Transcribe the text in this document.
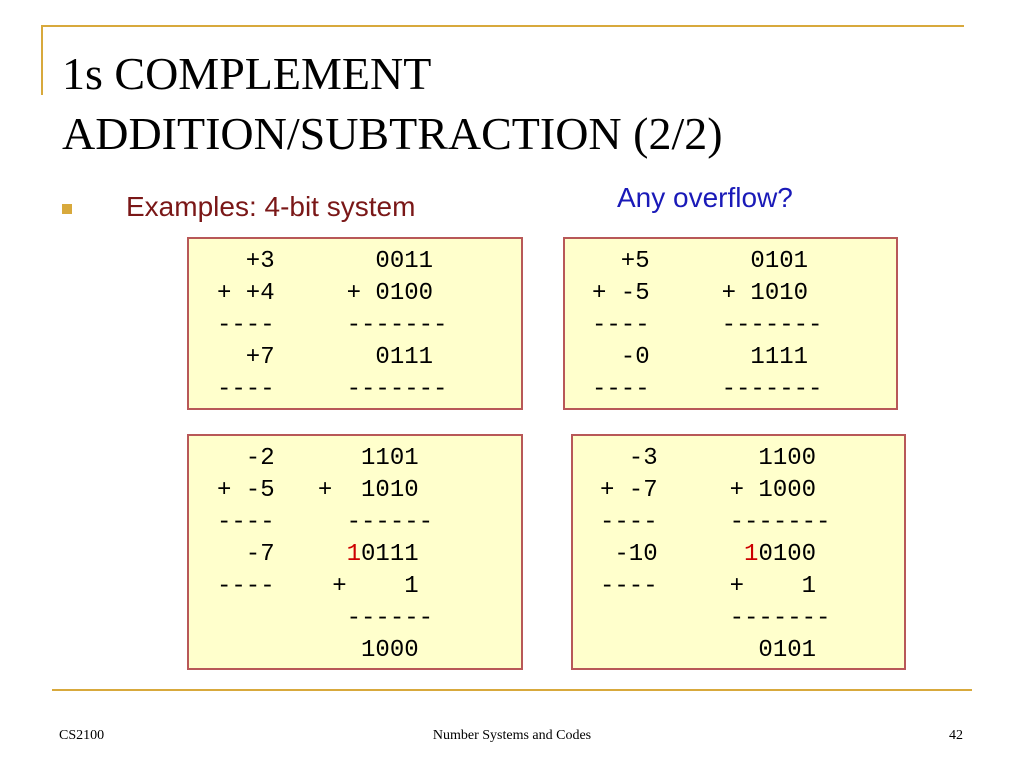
1s COMPLEMENT
ADDITION/SUBTRACTION (2/2)
Examples: 4-bit system	Any overflow?
+3       0011
+ +4     + 0100
----     -------
+7       0111
----     -------
+5       0101
+ -5     + 1010
----     -------
-0       1111
----     -------
-2      1101
+ -5   +  1010
----     ------
-7     10111
----    +    1
------
1000
-3       1100
+ -7     + 1000
----     -------
-10      10100
----     +    1
-------
0101
CS2100	Number Systems and Codes	42
